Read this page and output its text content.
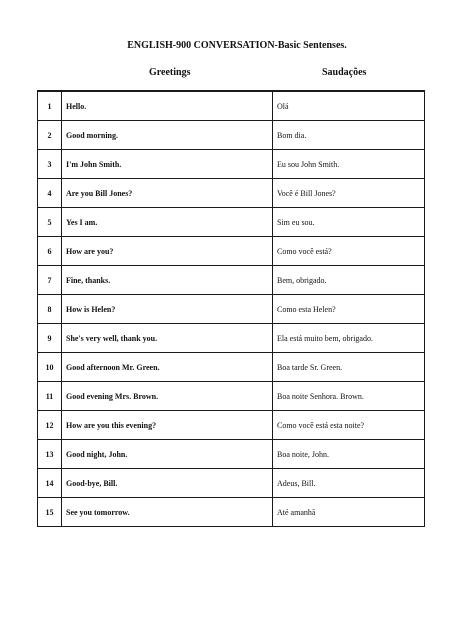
ENGLISH-900 CONVERSATION-Basic Sentenses.
Greetings	Saudações
1	Hello.	Olá
2	Good morning.	Bom dia.
3	I'm John Smith.	Eu sou John Smith.
4	Are you Bill Jones?	Você é Bill Jones?
5	Yes I am.	Sim eu sou.
6	How are you?	Como você está?
7	Fine, thanks.	Bem, obrigado.
8	How is Helen?	Como esta Helen?
9	She's very well, thank you.	Ela está muito bem, obrigado.
10	Good afternoon Mr. Green.	Boa tarde Sr. Green.
11	Good evening Mrs. Brown.	Boa noite Senhora. Brown.
12	How are you this evening?	Como você está esta noite?
13	Good night, John.	Boa noite, John.
14	Good-bye, Bill.	Adeus, Bill.
15	See you tomorrow.	Até amanhã
